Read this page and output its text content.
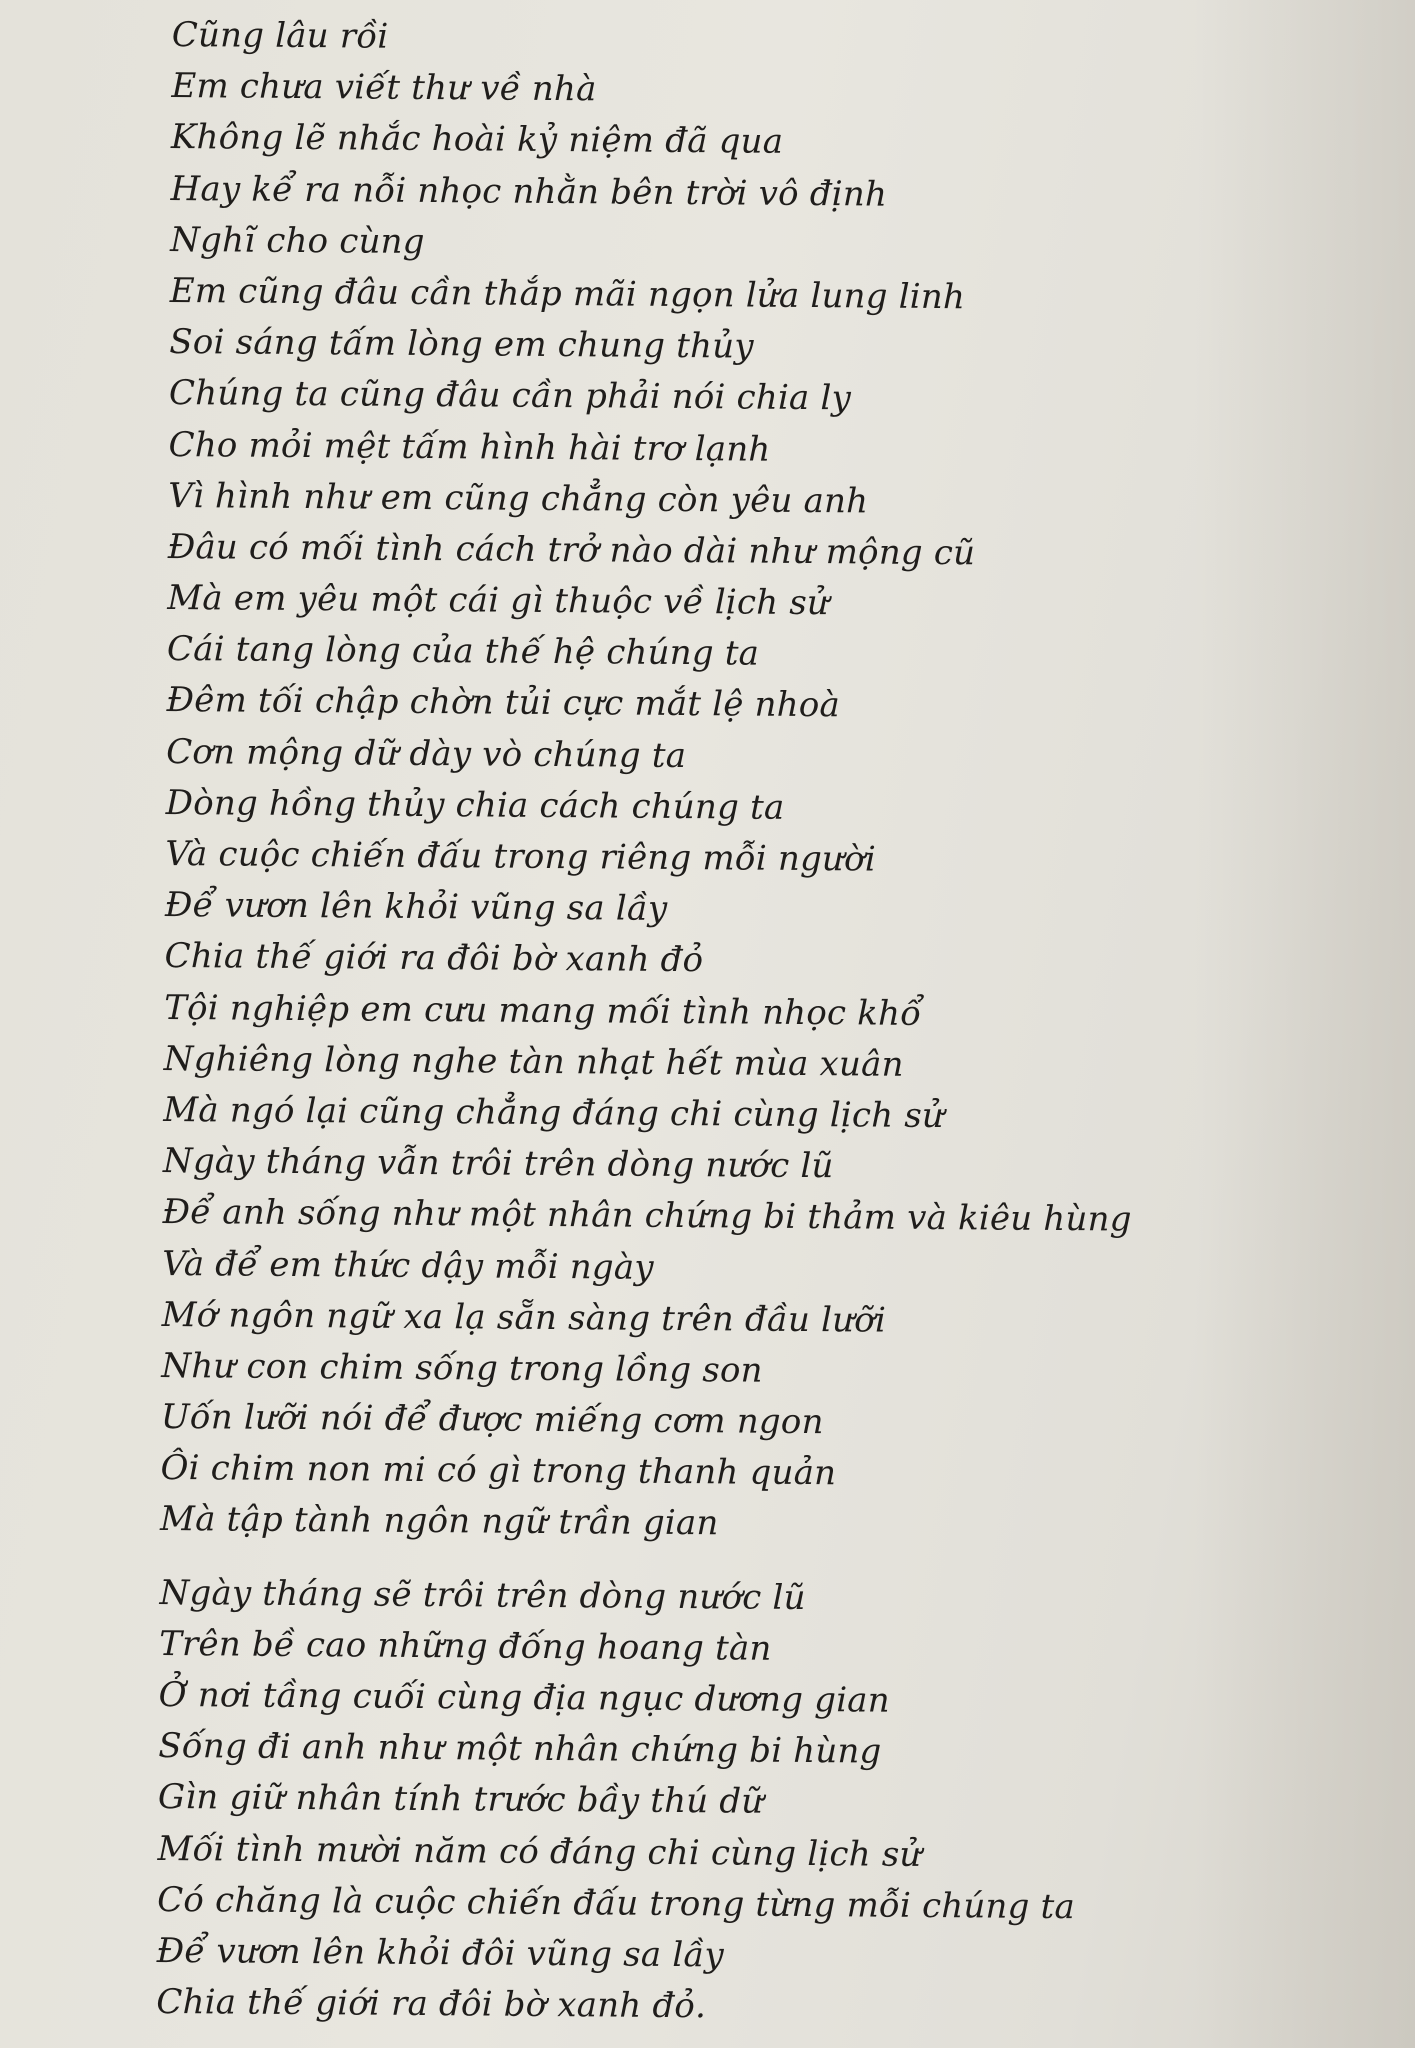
Cũng lâu rồi
Em chưa viết thư về nhà
Không lẽ nhắc hoài kỷ niệm đã qua
Hay kể ra nỗi nhọc nhằn bên trời vô định
Nghĩ cho cùng
Em cũng đâu cần thắp mãi ngọn lửa lung linh
Soi sáng tấm lòng em chung thủy
Chúng ta cũng đâu cần phải nói chia ly
Cho mỏi mệt tấm hình hài trơ lạnh
Vì hình như em cũng chẳng còn yêu anh
Đâu có mối tình cách trở nào dài như mộng cũ
Mà em yêu một cái gì thuộc về lịch sử
Cái tang lòng của thế hệ chúng ta
Đêm tối chập chờn tủi cực mắt lệ nhoà
Cơn mộng dữ dày vò chúng ta
Dòng hồng thủy chia cách chúng ta
Và cuộc chiến đấu trong riêng mỗi người
Để vươn lên khỏi vũng sa lầy
Chia thế giới ra đôi bờ xanh đỏ
Tội nghiệp em cưu mang mối tình nhọc khổ
Nghiêng lòng nghe tàn nhạt hết mùa xuân
Mà ngó lại cũng chẳng đáng chi cùng lịch sử
Ngày tháng vẫn trôi trên dòng nước lũ
Để anh sống như một nhân chứng bi thảm và kiêu hùng
Và để em thức dậy mỗi ngày
Mớ ngôn ngữ xa lạ sẵn sàng trên đầu lưỡi
Như con chim sống trong lồng son
Uốn lưỡi nói để được miếng cơm ngon
Ôi chim non mi có gì trong thanh quản
Mà tập tành ngôn ngữ trần gian
Ngày tháng sẽ trôi trên dòng nước lũ
Trên bề cao những đống hoang tàn
Ở nơi tầng cuối cùng địa ngục dương gian
Sống đi anh như một nhân chứng bi hùng
Gìn giữ nhân tính trước bầy thú dữ
Mối tình mười năm có đáng chi cùng lịch sử
Có chăng là cuộc chiến đấu trong từng mỗi chúng ta
Để vươn lên khỏi đôi vũng sa lầy
Chia thế giới ra đôi bờ xanh đỏ.
